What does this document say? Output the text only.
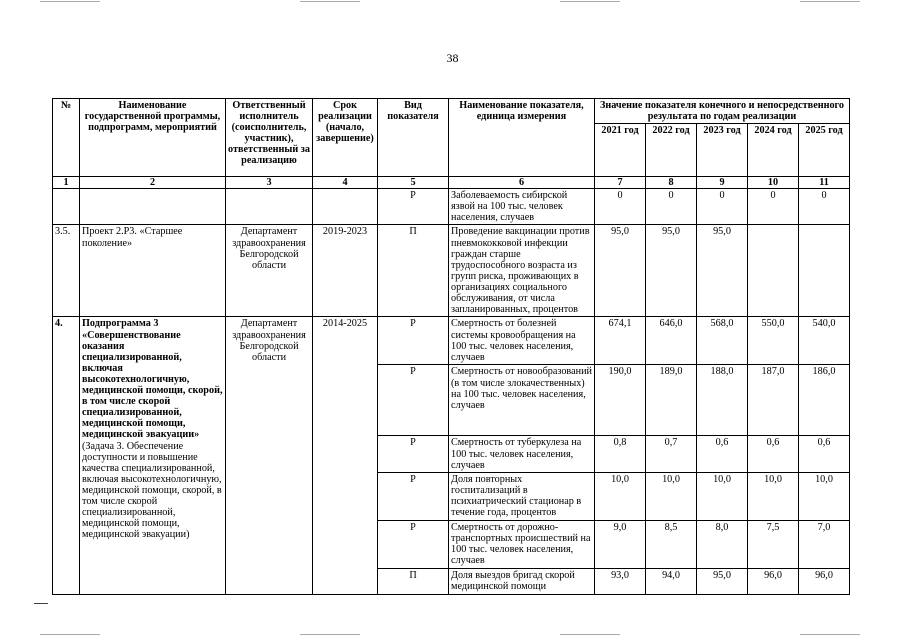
38
№	Наименование государственной программы, подпрограмм, мероприятий	Ответственный исполнитель (соисполнитель, участник), ответственный за реализацию	Срок реализации (начало, завершение)	Вид показателя	Наименование показателя, единица измерения	Значение показателя конечного и непосредственного результата по годам реализации				
						2021 год	2022 год	2023 год	2024 год	2025 год
1	2	3	4	5	6	7	8	9	10	11
				Р	Заболеваемость сибирской язвой на 100 тыс. человек населения, случаев	0	0	0	0	0
3.5.	Проект 2.Р3. «Старшее поколение»	Департамент здравоохранения Белгородской области	2019-2023	П	Проведение вакцинации против пневмококковой инфекции граждан старше трудоспособного возраста из групп риска, проживающих в организациях социального обслуживания, от числа запланированных, процентов	95,0	95,0	95,0		
4.	Подпрограмма 3 «Совершенствование оказания специализированной, включая высокотехнологичную, медицинской помощи, скорой, в том числе скорой специализированной, медицинской помощи, медицинской эвакуации» (Задача 3. Обеспечение доступности и повышение качества специализированной, включая высокотехнологичную, медицинской помощи, скорой, в том числе скорой специализированной, медицинской помощи, медицинской эвакуации)	Департамент здравоохранения Белгородской области	2014-2025	Р	Смертность от болезней системы кровообращения на 100 тыс. человек населения, случаев	674,1	646,0	568,0	550,0	540,0
				Р	Смертность от новообразований (в том числе злокачественных) на 100 тыс. человек населения, случаев	190,0	189,0	188,0	187,0	186,0
				Р	Смертность от туберкулеза на 100 тыс. человек населения, случаев	0,8	0,7	0,6	0,6	0,6
				Р	Доля повторных госпитализаций в психиатрический стационар в течение года, процентов	10,0	10,0	10,0	10,0	10,0
				Р	Смертность от дорожно-транспортных происшествий на 100 тыс. человек населения, случаев	9,0	8,5	8,0	7,5	7,0
				П	Доля выездов бригад скорой медицинской помощи	93,0	94,0	95,0	96,0	96,0
